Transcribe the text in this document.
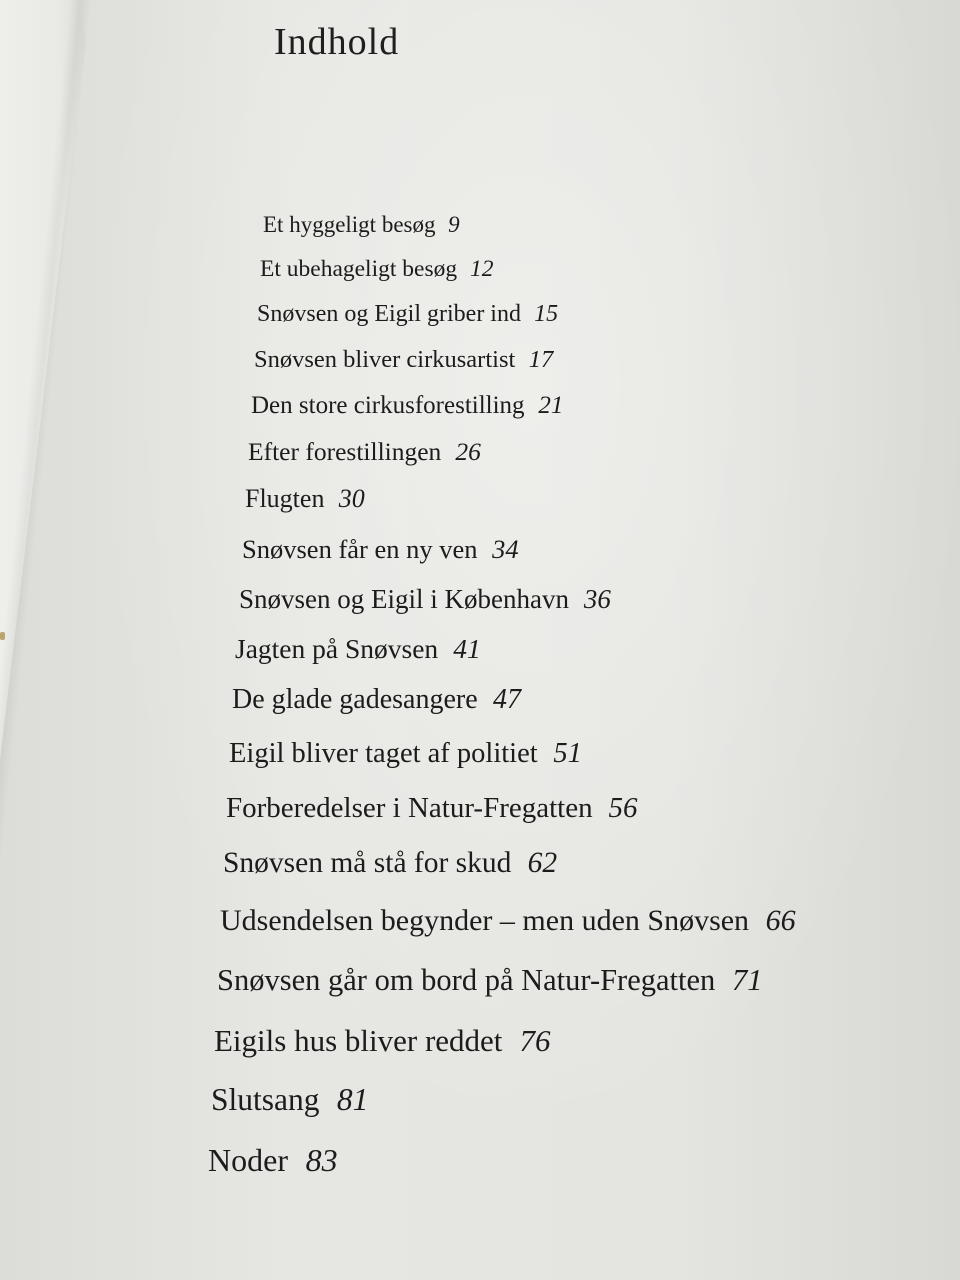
Indhold
Et hyggeligt besøg 9
Et ubehageligt besøg 12
Snøvsen og Eigil griber ind 15
Snøvsen bliver cirkusartist 17
Den store cirkusforestilling 21
Efter forestillingen 26
Flugten 30
Snøvsen får en ny ven 34
Snøvsen og Eigil i København 36
Jagten på Snøvsen 41
De glade gadesangere 47
Eigil bliver taget af politiet 51
Forberedelser i Natur-Fregatten 56
Snøvsen må stå for skud 62
Udsendelsen begynder – men uden Snøvsen 66
Snøvsen går om bord på Natur-Fregatten 71
Eigils hus bliver reddet 76
Slutsang 81
Noder 83
